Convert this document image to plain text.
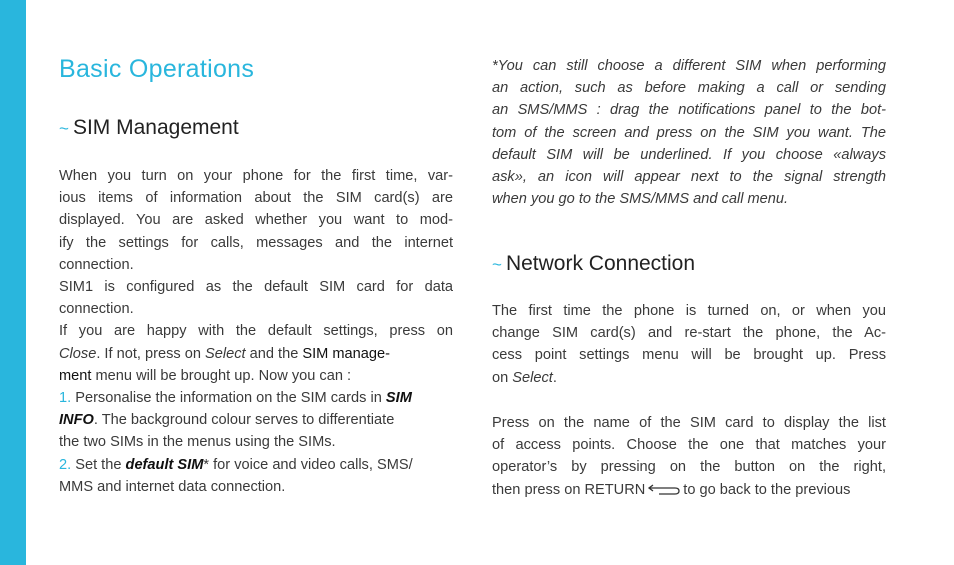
Basic Operations
~ SIM Management
When you turn on your phone for the first time, var-
ious items of information about the SIM card(s) are
displayed. You are asked whether you want to mod-
ify the settings for calls, messages and the internet
connection.
SIM1 is configured as the default SIM card for data
connection.
If you are happy with the default settings, press on
Close. If not, press on Select and the SIM manage-
ment menu will be brought up. Now you can :
1. Personalise the information on the SIM cards in SIM
INFO. The background colour serves to differentiate
the two SIMs in the menus using the SIMs.
2. Set the default SIM* for voice and video calls, SMS/
MMS and internet data connection.
*You can still choose a different SIM when performing
an action, such as before making a call or sending
an SMS/MMS : drag the notifications panel to the bot-
tom of the screen and press on the SIM you want. The
default SIM will be underlined. If you choose «always
ask», an icon will appear next to the signal strength
when you go to the SMS/MMS and call menu.
~ Network Connection
The first time the phone is turned on, or when you
change SIM card(s) and re-start the phone, the Ac-
cess point settings menu will be brought up. Press
on Select.
Press on the name of the SIM card to display the list
of access points. Choose the one that matches your
operator’s by pressing on the button on the right,
then press on RETURN	to go back to the previous
